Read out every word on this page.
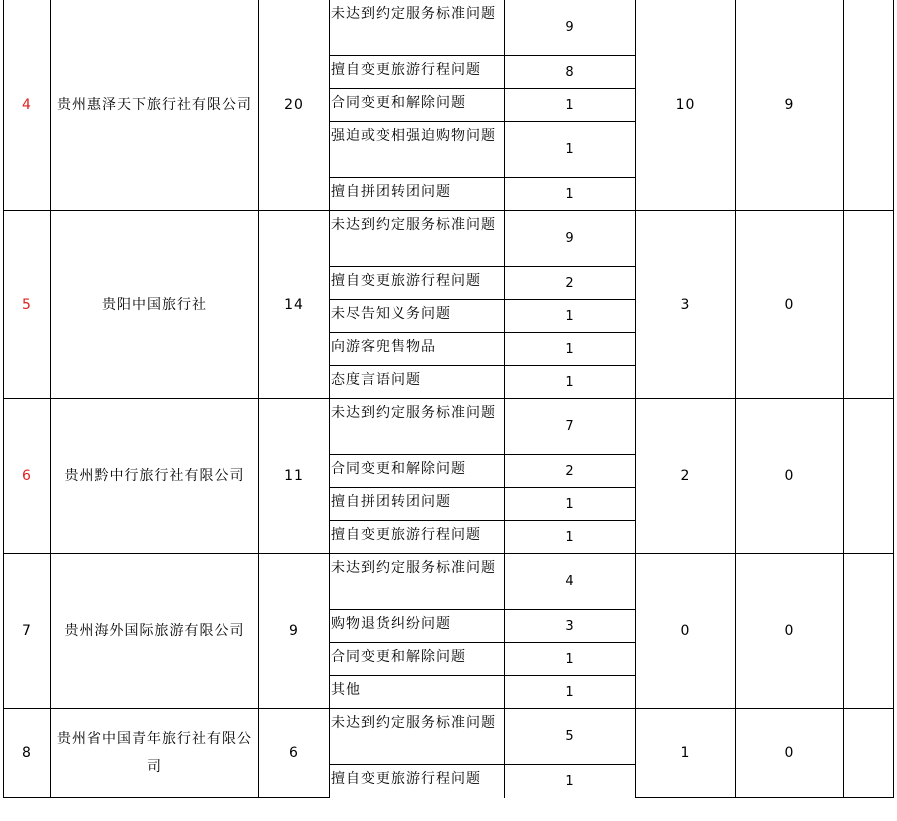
4	贵州惠泽天下旅行社有限公司	20	未达到约定服务标准问题	9	10	9	
			擅自变更旅游行程问题	8			
			合同变更和解除问题	1			
			强迫或变相强迫购物问题	1			
			擅自拼团转团问题	1			
5	贵阳中国旅行社	14	未达到约定服务标准问题	9	3	0	
			擅自变更旅游行程问题	2			
			未尽告知义务问题	1			
			向游客兜售物品	1			
			态度言语问题	1			
6	贵州黔中行旅行社有限公司	11	未达到约定服务标准问题	7	2	0	
			合同变更和解除问题	2			
			擅自拼团转团问题	1			
			擅自变更旅游行程问题	1			
7	贵州海外国际旅游有限公司	9	未达到约定服务标准问题	4	0	0	
			购物退货纠纷问题	3			
			合同变更和解除问题	1			
			其他	1			
8	贵州省中国青年旅行社有限公司	6	未达到约定服务标准问题	5	1	0	
			擅自变更旅游行程问题	1			
